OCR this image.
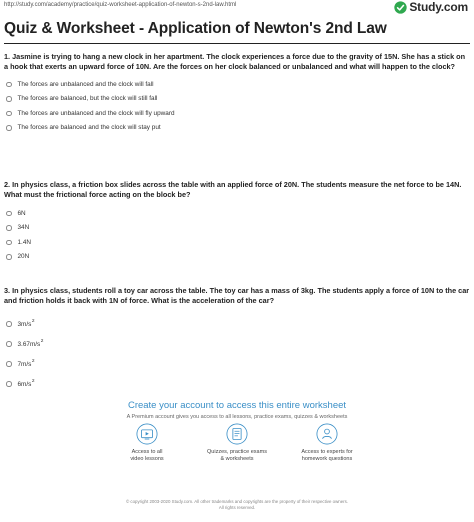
http://study.com/academy/practice/quiz-worksheet-application-of-newton-s-2nd-law.html	Study.com
Quiz & Worksheet - Application of Newton's 2nd Law

1. Jasmine is trying to hang a new clock in her apartment. The clock experiences a force due to the gravity of 15N. She has a stick on a hook that exerts an upward force of 10N. Are the forces on her clock balanced or unbalanced and what will happen to the clock?

The forces are unbalanced and the clock will fall
The forces are balanced, but the clock will still fall
The forces are unbalanced and the clock will fly upward
The forces are balanced and the clock will stay put

2. In physics class, a friction box slides across the table with an applied force of 20N. The students measure the net force to be 14N. What must the frictional force acting on the block be?

6N
34N
1.4N
20N

3. In physics class, students roll a toy car across the table. The toy car has a mass of 3kg. The students apply a force of 10N to the car and friction holds it back with 1N of force. What is the acceleration of the car?

3m/s 2
3.67m/s 2
7m/s 2
6m/s 2
Create your account to access this entire worksheet
A Premium account gives you access to all lessons, practice exams, quizzes & worksheets
Access to all
video lessons
Quizzes, practice exams
& worksheets
Access to experts for
homework questions
© copyright 2003-2020 Study.com. All other trademarks and copyrights are the property of their respective owners.
All rights reserved.
